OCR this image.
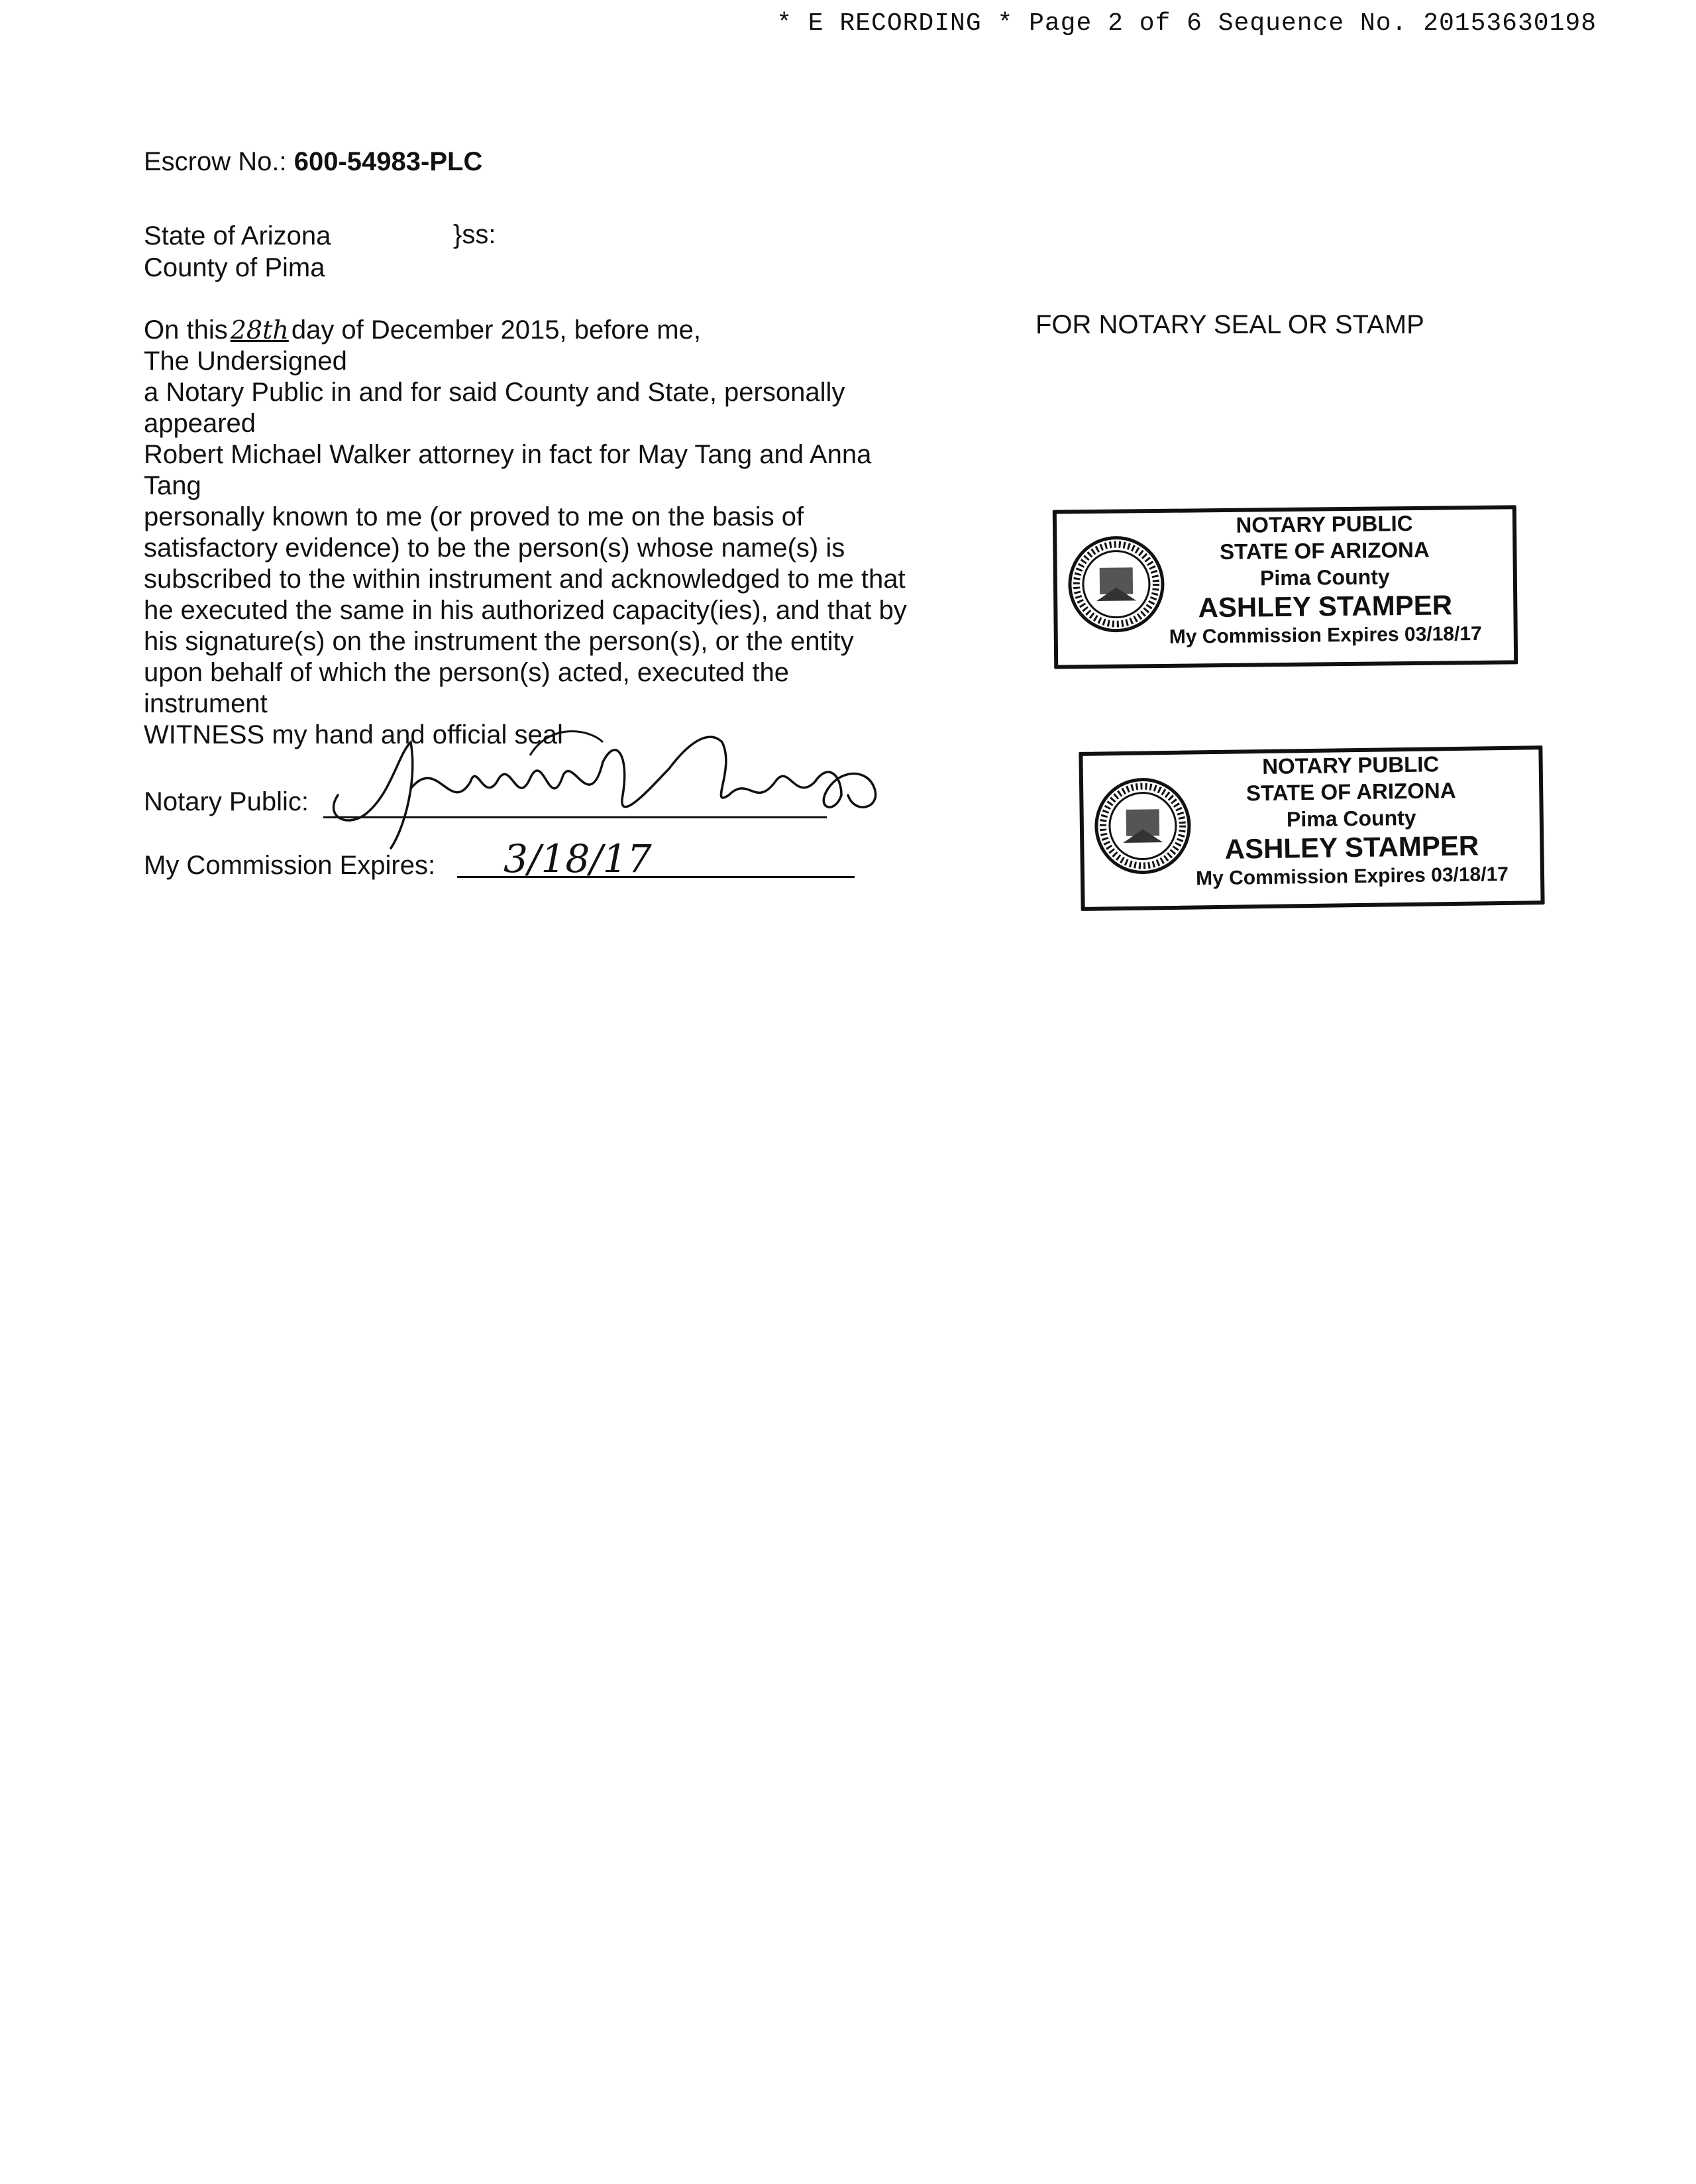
* E RECORDING * Page 2 of 6 Sequence No. 20153630198
Escrow No.: 600-54983-PLC
State of Arizona	}ss:
County of Pima
On this 28th day of December 2015, before me,
The Undersigned
a Notary Public in and for said County and State, personally
appeared
Robert Michael Walker attorney in fact for May Tang and Anna
Tang
personally known to me (or proved to me on the basis of
satisfactory evidence) to be the person(s) whose name(s) is
subscribed to the within instrument and acknowledged to me that
he executed the same in his authorized capacity(ies), and that by
his signature(s) on the instrument the person(s), or the entity
upon behalf of which the person(s) acted, executed the
instrument
WITNESS my hand and official seal
Notary Public:
My Commission Expires: 3/18/17
FOR NOTARY SEAL OR STAMP
NOTARY PUBLIC
STATE OF ARIZONA
Pima County
ASHLEY STAMPER
My Commission Expires 03/18/17
NOTARY PUBLIC
STATE OF ARIZONA
Pima County
ASHLEY STAMPER
My Commission Expires 03/18/17
